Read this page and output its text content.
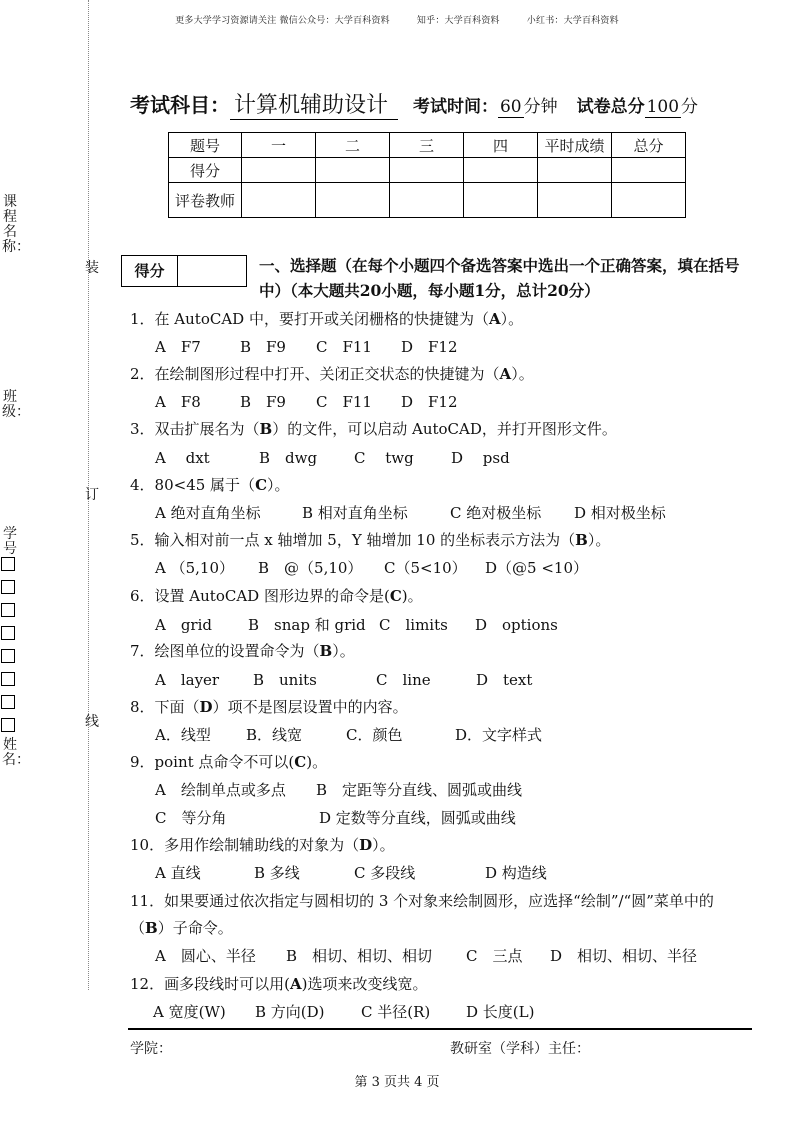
更多大学学习资源请关注 微信公众号：大学百科资料	知乎：大学百科资料	小红书：大学百科资料
课程名称：
班级：
学号
姓名：
装
订
线
考试科目： 计算机辅助设计 考试时间： 60 分钟 试卷总分 100 分
题号	一	二	三	四	平时成绩	总分
得分						
评卷教师						
得分	一、选择题（在每个小题四个备选答案中选出一个正确答案，填在括号中）（本大题共20小题，每小题1分，总计20分）
1．在 AutoCAD 中，要打开或关闭栅格的快捷键为（A）。
A　F7	B　F9 C　F11 D　F12
2．在绘制图形过程中打开、关闭正交状态的快捷键为（A）。
A　F8	B　F9 C　F11 D　F12
3．双击扩展名为（B）的文件，可以启动 AutoCAD，并打开图形文件。
A　 dxt	B　dwg C　 twg D　 psd
4．80<45 属于（C）。
A 绝对直角坐标	B 相对直角坐标	C 绝对极坐标 D 相对极坐标
5．输入相对前一点 x 轴增加 5，Y 轴增加 10 的坐标表示方法为（B）。
A （5,10） B　@（5,10） C（5<10） D（@5 <10）
6．设置 AutoCAD 图形边界的命令是(C)。
A　grid B　snap 和 grid C　limits D　options
7．绘图单位的设置命令为（B）。
A　layer B　units	C　line	D　text
8．下面（D）项不是图层设置中的内容。
A．线型 B．线宽	C．颜色	D．文字样式
9．point 点命令不可以(C)。
A　绘制单点或多点 B　定距等分直线、圆弧或曲线
C　等分角	D 定数等分直线，圆弧或曲线
10．多用作绘制辅助线的对象为（D）。
A 直线	B 多线	C 多段线	D 构造线
11．如果要通过依次指定与圆相切的 3 个对象来绘制圆形，应选择“绘制”/“圆”菜单中的
（B）子命令。
A　圆心、半径 B　相切、相切、相切 C　三点 D　相切、相切、半径
12．画多段线时可以用(A)选项来改变线宽。
A 宽度(W) B 方向(D) C 半径(R) D 长度(L)
学院：	教研室（学科）主任：
第 3 页共 4 页
